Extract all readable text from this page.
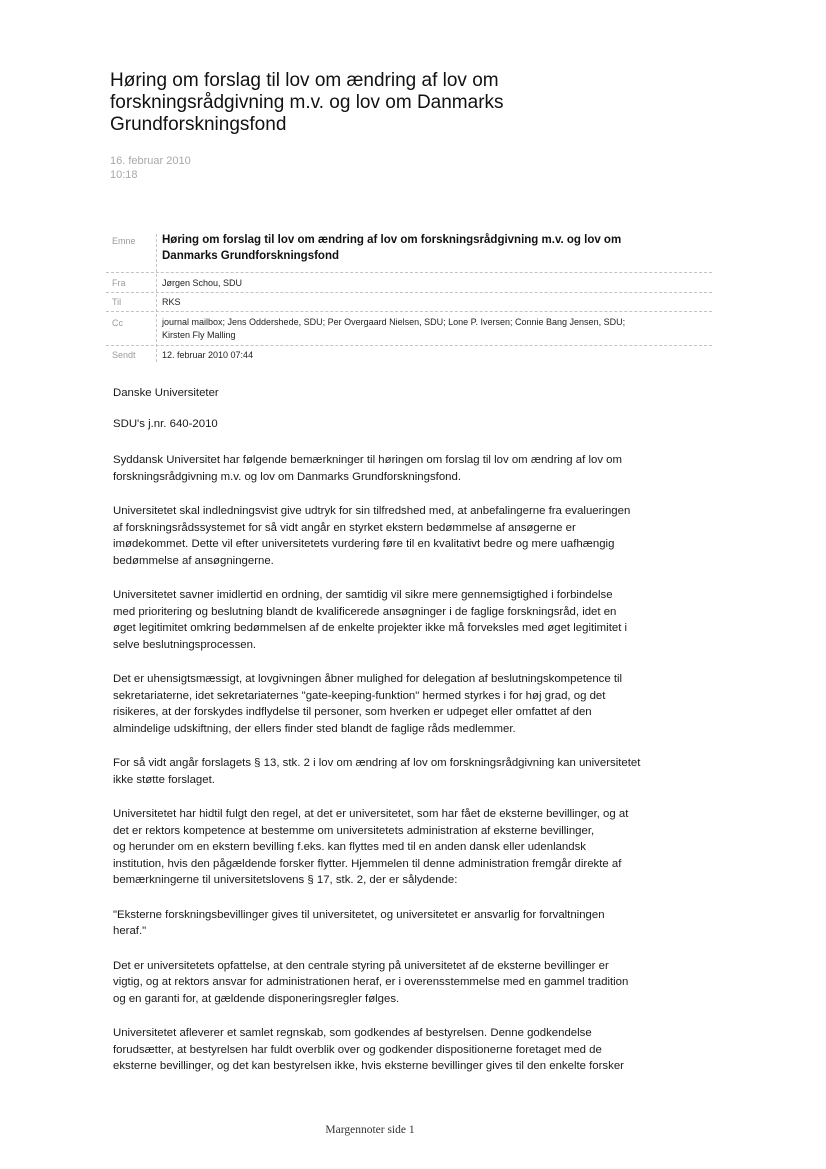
Høring om forslag til lov om ændring af lov om
forskningsrådgivning m.v. og lov om Danmarks
Grundforskningsfond
16. februar 2010
10:18
Emne Høring om forslag til lov om ændring af lov om forskningsrådgivning m.v. og lov om
Danmarks Grundforskningsfond
Fra	Jørgen Schou, SDU
Til	RKS
Cc	journal mailbox; Jens Oddershede, SDU; Per Overgaard Nielsen, SDU; Lone P. Iversen; Connie Bang Jensen, SDU;
Kirsten Fly Malling
Sendt	12. februar 2010 07:44

Danske Universiteter

SDU's j.nr. 640-2010

Syddansk Universitet har følgende bemærkninger til høringen om forslag til lov om ændring af lov om
forskningsrådgivning m.v. og lov om Danmarks Grundforskningsfond.

Universitetet skal indledningsvist give udtryk for sin tilfredshed med, at anbefalingerne fra evalueringen
af forskningsrådssystemet for så vidt angår en styrket ekstern bedømmelse af ansøgerne er
imødekommet. Dette vil efter universitetets vurdering føre til en kvalitativt bedre og mere uafhængig
bedømmelse af ansøgningerne.

Universitetet savner imidlertid en ordning, der samtidig vil sikre mere gennemsigtighed i forbindelse
med prioritering og beslutning blandt de kvalificerede ansøgninger i de faglige forskningsråd, idet en
øget legitimitet omkring bedømmelsen af de enkelte projekter ikke må forveksles med øget legitimitet i
selve beslutningsprocessen.

Det er uhensigtsmæssigt, at lovgivningen åbner mulighed for delegation af beslutningskompetence til
sekretariaterne, idet sekretariaternes "gate-keeping-funktion" hermed styrkes i for høj grad, og det
risikeres, at der forskydes indflydelse til personer, som hverken er udpeget eller omfattet af den
almindelige udskiftning, der ellers finder sted blandt de faglige råds medlemmer.

For så vidt angår forslagets § 13, stk. 2 i lov om ændring af lov om forskningsrådgivning kan universitetet
ikke støtte forslaget.

Universitetet har hidtil fulgt den regel, at det er universitetet, som har fået de eksterne bevillinger, og at
det er rektors kompetence at bestemme om universitetets administration af eksterne bevillinger,
og herunder om en ekstern bevilling f.eks. kan flyttes med til en anden dansk eller udenlandsk
institution, hvis den pågældende forsker flytter. Hjemmelen til denne administration fremgår direkte af
bemærkningerne til universitetslovens § 17, stk. 2, der er sålydende:

"Eksterne forskningsbevillinger gives til universitetet, og universitetet er ansvarlig for forvaltningen
heraf."

Det er universitetets opfattelse, at den centrale styring på universitetet af de eksterne bevillinger er
vigtig, og at rektors ansvar for administrationen heraf, er i overensstemmelse med en gammel tradition
og en garanti for, at gældende disponeringsregler følges.

Universitetet afleverer et samlet regnskab, som godkendes af bestyrelsen. Denne godkendelse
forudsætter, at bestyrelsen har fuldt overblik over og godkender dispositionerne foretaget med de
eksterne bevillinger, og det kan bestyrelsen ikke, hvis eksterne bevillinger gives til den enkelte forsker

Margennoter side 1
